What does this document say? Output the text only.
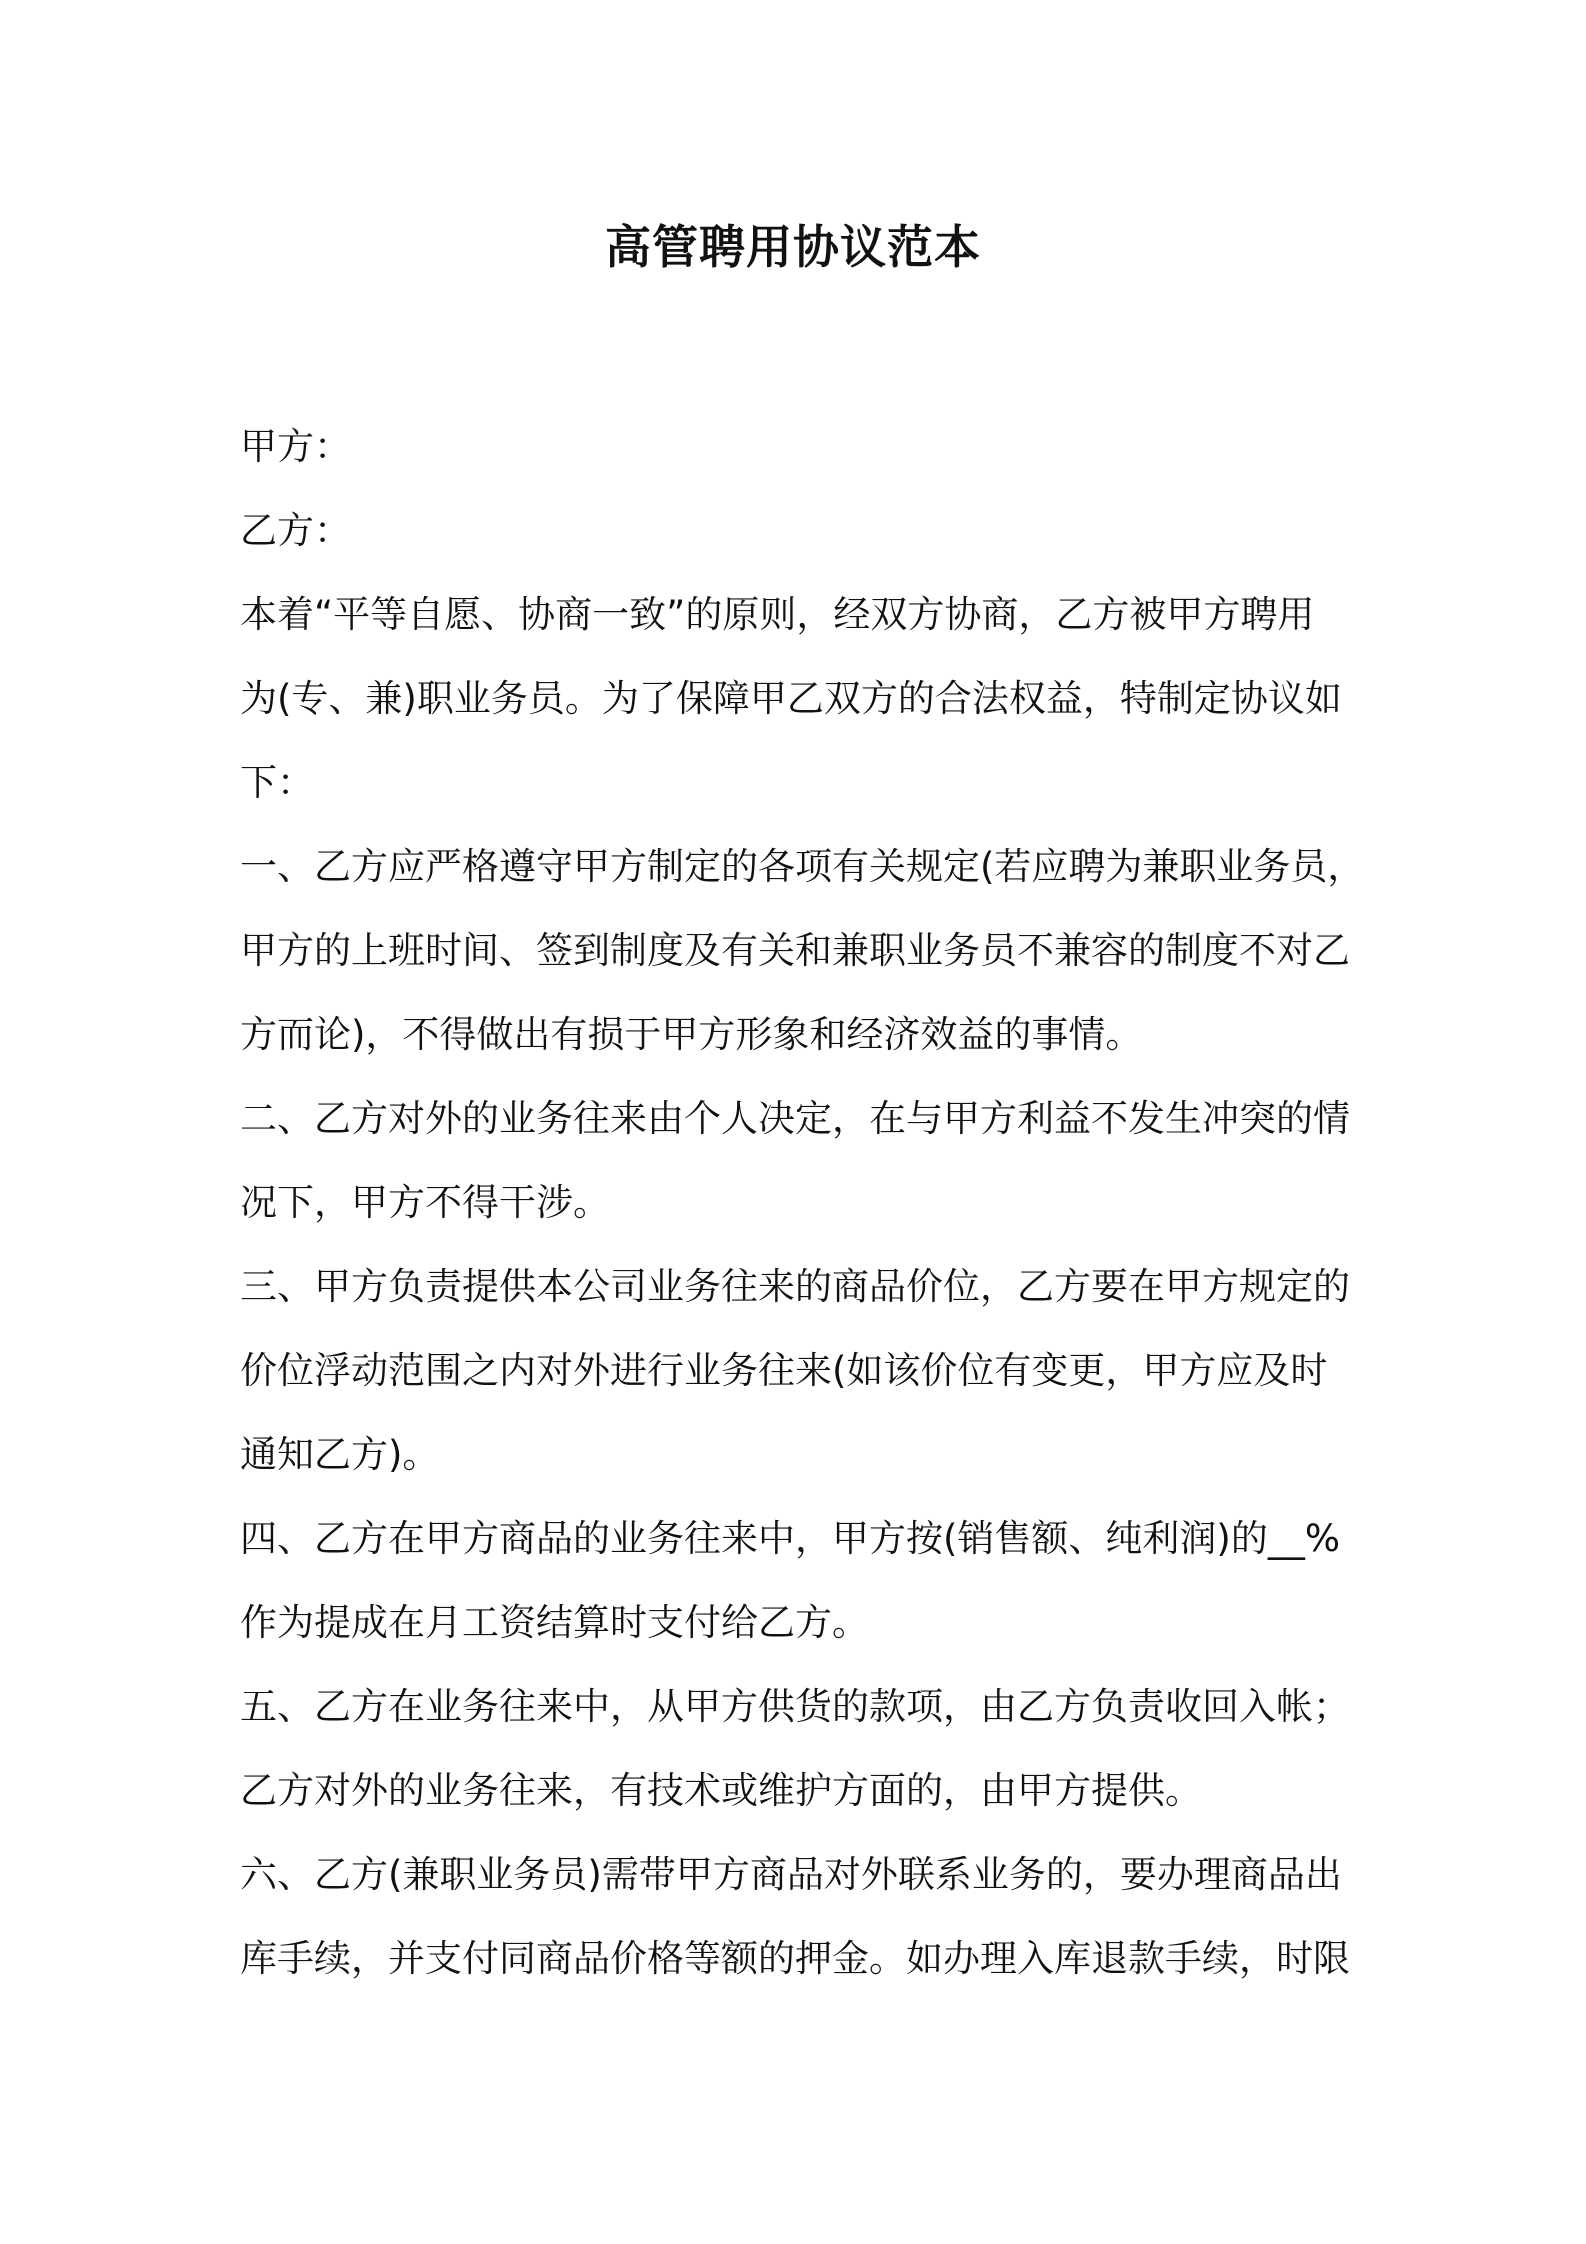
高管聘用协议范本
甲方：
乙方：
本着“平等自愿、协商一致”的原则，经双方协商，乙方被甲方聘用
为(专、兼)职业务员。为了保障甲乙双方的合法权益，特制定协议如
下：
一、乙方应严格遵守甲方制定的各项有关规定(若应聘为兼职业务员，
甲方的上班时间、签到制度及有关和兼职业务员不兼容的制度不对乙
方而论)，不得做出有损于甲方形象和经济效益的事情。
二、乙方对外的业务往来由个人决定，在与甲方利益不发生冲突的情
况下，甲方不得干涉。
三、甲方负责提供本公司业务往来的商品价位，乙方要在甲方规定的
价位浮动范围之内对外进行业务往来(如该价位有变更，甲方应及时
通知乙方)。
四、乙方在甲方商品的业务往来中，甲方按(销售额、纯利润)的__%
作为提成在月工资结算时支付给乙方。
五、乙方在业务往来中，从甲方供货的款项，由乙方负责收回入帐；
乙方对外的业务往来，有技术或维护方面的，由甲方提供。
六、乙方(兼职业务员)需带甲方商品对外联系业务的，要办理商品出
库手续，并支付同商品价格等额的押金。如办理入库退款手续，时限
